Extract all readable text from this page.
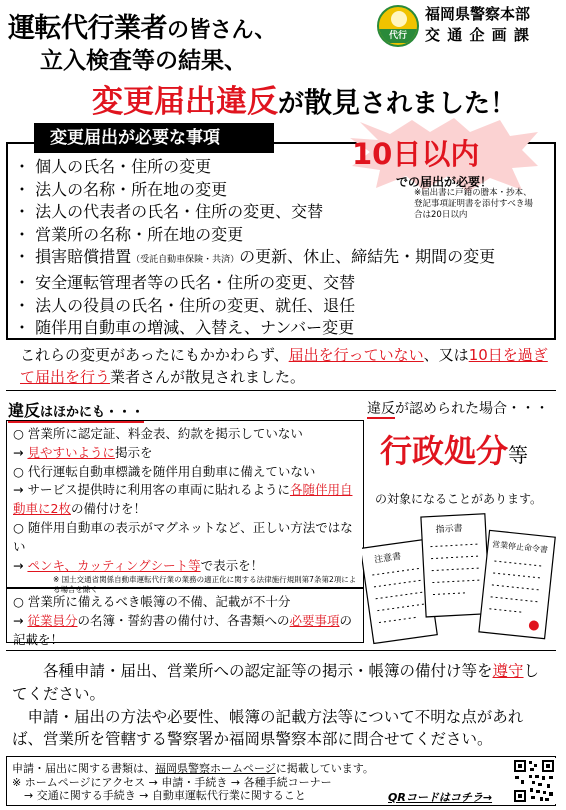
運転代行業者の皆さん、
立入検査等の結果、
変更届出違反が散見されました！
代行
福岡県警察本部
交 通 企 画 課
変更届出が必要な事項	10日以内
での届出が必要！
※届出書に戸籍の謄本・抄本、登記事項証明書を添付すべき場合は20日以内
・ 個人の氏名・住所の変更
・ 法人の名称・所在地の変更
・ 法人の代表者の氏名・住所の変更、交替
・ 営業所の名称・所在地の変更
・ 損害賠償措置（受託自動車保険・共済）の更新、休止、締結先・期間の変更
・ 安全運転管理者等の氏名・住所の変更、交替
・ 法人の役員の氏名・住所の変更、就任、退任
・ 随伴用自動車の増減、入替え、ナンバー変更
これらの変更があったにもかかわらず、届出を行っていない、又は10日を過ぎて届出を行う業者さんが散見されました。
違反はほかにも・・・
○ 営業所に認定証、料金表、約款を掲示していない
→ 見やすいように掲示を
○ 代行運転自動車標識を随伴用自動車に備えていない
→ サービス提供時に利用客の車両に貼れるように各随伴用自動車に2枚の備付けを！
○ 随伴用自動車の表示がマグネットなど、正しい方法ではない
→ ペンキ、カッティングシート等で表示を！
※ 国土交通省関係自動車運転代行業の業務の適正化に関する法律施行規則第7条第2項による場合を除く
○ 営業所に備えるべき帳簿の不備、記載が不十分
→ 従業員分の名簿・誓約書の備付け、各書類への必要事項の記載を！
違反が認められた場合・・・
行政処分等
の対象になることがあります。
注意書
指示書
営業停止命令書
各種申請・届出、営業所への認定証等の掲示・帳簿の備付け等を遵守してください。
申請・届出の方法や必要性、帳簿の記載方法等について不明な点があれば、営業所を管轄する警察署か福岡県警察本部に問合せてください。
申請・届出に関する書類は、福岡県警察ホームページに掲載しています。
※ ホームページにアクセス → 申請・手続き → 各種手続コーナー
→ 交通に関する手続き → 自動車運転代行業に関すること	QRコードはコチラ→
